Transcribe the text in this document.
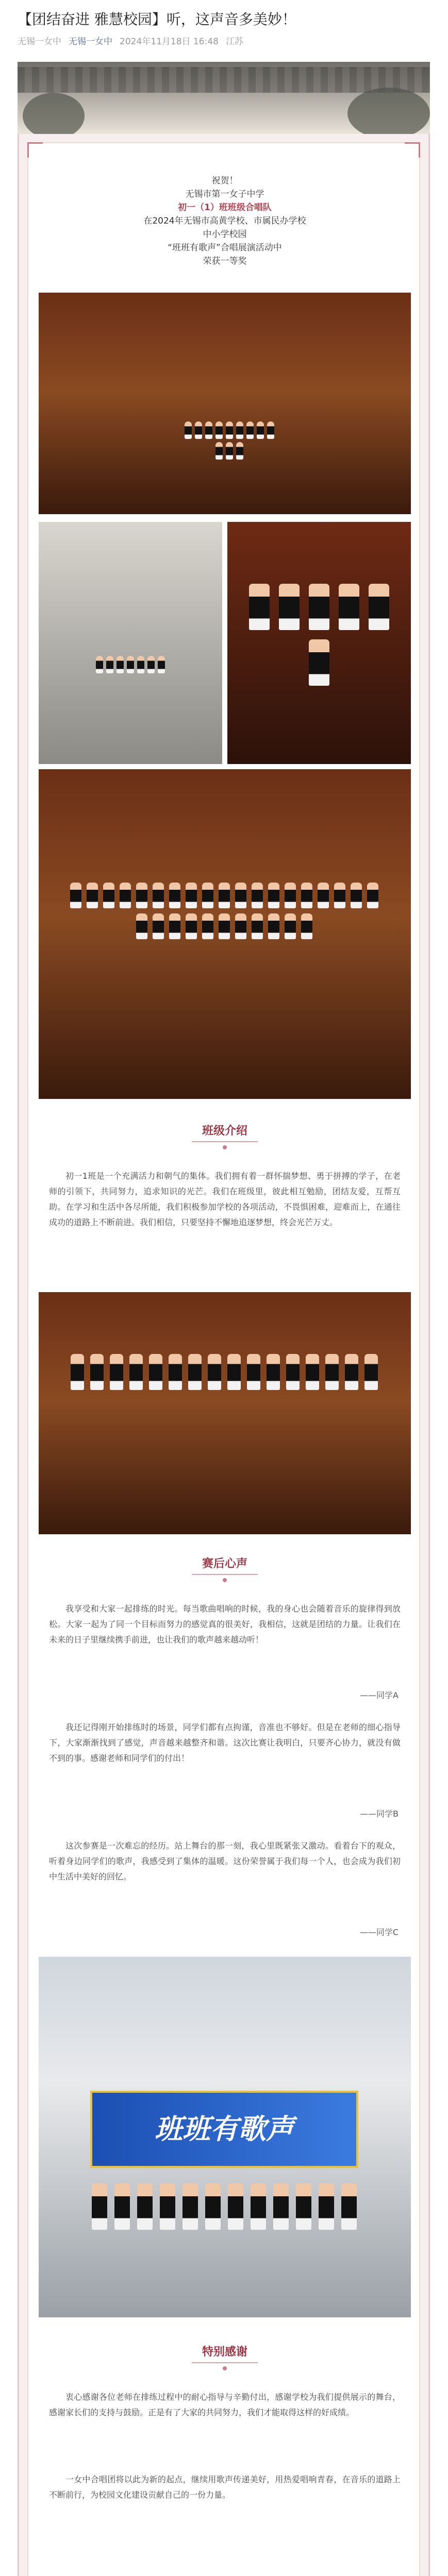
【团结奋进 雅慧校园】听，这声音多美妙！
无锡一女中 无锡一女中 2024年11月18日 16:48 江苏
祝贺！
无锡市第一女子中学
初一（1）班班级合唱队
在2024年无锡市高黄学校、市属民办学校
中小学校园
“班班有歌声”合唱展演活动中
荣获一等奖
班级介绍
初一1班是一个充满活力和朝气的集体。我们拥有着一群怀揣梦想、勇于拼搏的学子，在老师的引领下，共同努力，追求知识的光芒。我们在班级里，彼此相互勉励，团结友爱，互帮互助。在学习和生活中各尽所能，我们积极参加学校的各项活动，不畏惧困难，迎难而上，在通往成功的道路上不断前进。我们相信，只要坚持不懈地追逐梦想，终会光芒万丈。
赛后心声
我享受和大家一起排练的时光。每当歌曲唱响的时候，我的身心也会随着音乐的旋律得到放松。大家一起为了同一个目标而努力的感觉真的很美好，我相信，这就是团结的力量。让我们在未来的日子里继续携手前进，也让我们的歌声越来越动听！
——同学A
我还记得刚开始排练时的场景，同学们都有点拘谨，音准也不够好。但是在老师的细心指导下，大家渐渐找到了感觉，声音越来越整齐和谐。这次比赛让我明白，只要齐心协力，就没有做不到的事。感谢老师和同学们的付出！
——同学B
这次参赛是一次难忘的经历。站上舞台的那一刻，我心里既紧张又激动。看着台下的观众，听着身边同学们的歌声，我感受到了集体的温暖。这份荣誉属于我们每一个人，也会成为我们初中生活中美好的回忆。
——同学C
班班有歌声
特别感谢
衷心感谢各位老师在排练过程中的耐心指导与辛勤付出，感谢学校为我们提供展示的舞台，感谢家长们的支持与鼓励。正是有了大家的共同努力，我们才能取得这样的好成绩。
一女中合唱团将以此为新的起点，继续用歌声传递美好，用热爱唱响青春，在音乐的道路上不断前行，为校园文化建设贡献自己的一份力量。
